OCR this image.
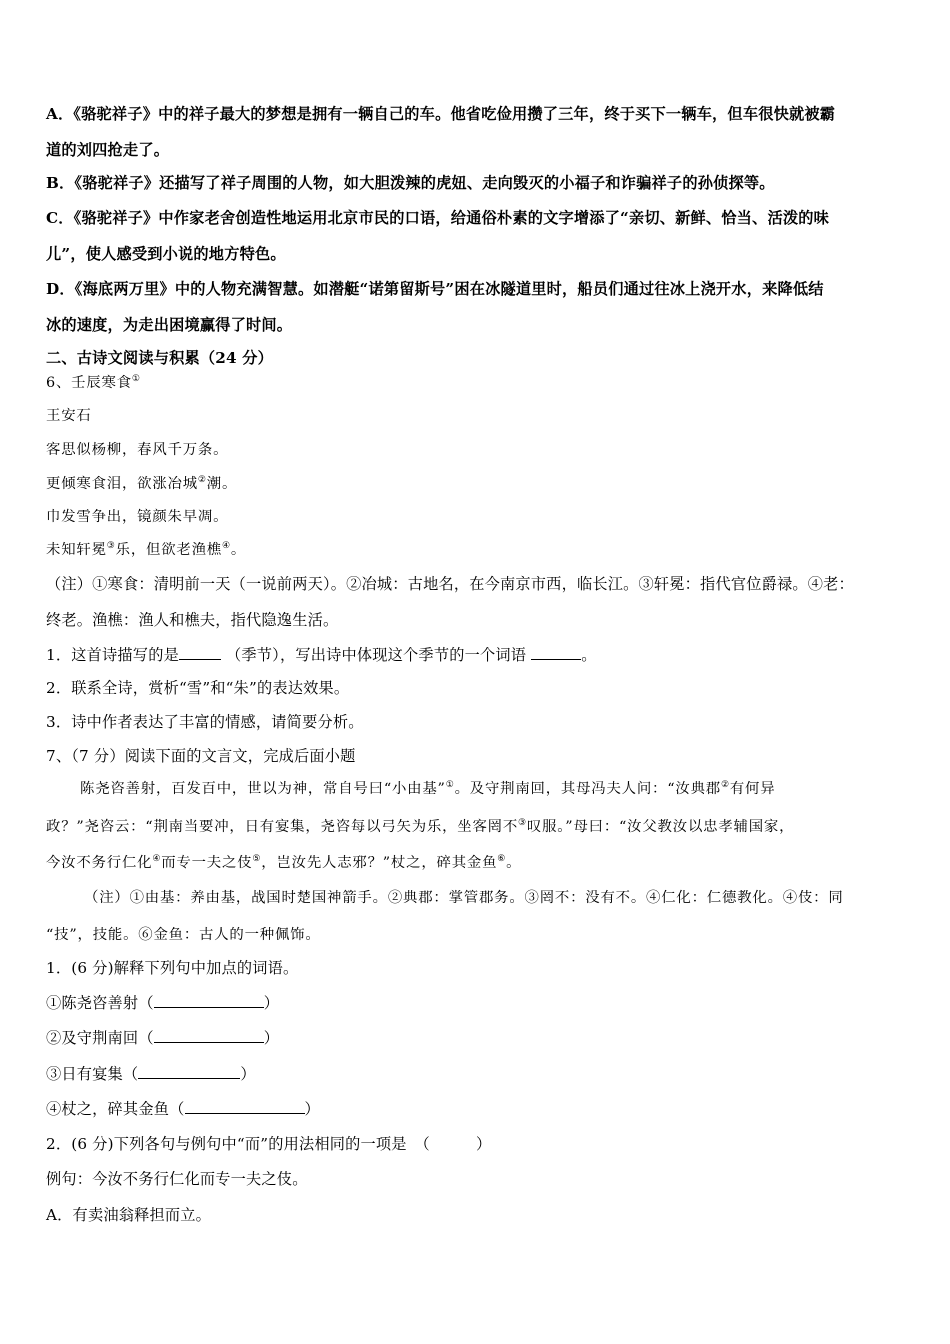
A．《骆驼祥子》中的祥子最大的梦想是拥有一辆自己的车。他省吃俭用攒了三年，终于买下一辆车，但车很快就被霸
道的刘四抢走了。
B．《骆驼祥子》还描写了祥子周围的人物，如大胆泼辣的虎妞、走向毁灭的小福子和诈骗祥子的孙侦探等。
C．《骆驼祥子》中作家老舍创造性地运用北京市民的口语，给通俗朴素的文字增添了“亲切、新鲜、恰当、活泼的味
儿”，使人感受到小说的地方特色。
D．《海底两万里》中的人物充满智慧。如潜艇“诺第留斯号”困在冰隧道里时，船员们通过往冰上浇开水，来降低结
冰的速度，为走出困境赢得了时间。
二、古诗文阅读与积累（24 分）
6、壬辰寒食①
王安石
客思似杨柳，春风千万条。
更倾寒食泪，欲涨冶城②潮。
巾发雪争出，镜颜朱早凋。
未知轩冕③乐，但欲老渔樵④。
（注）①寒食：清明前一天（一说前两天）。②冶城：古地名，在今南京市西，临长江。③轩冕：指代官位爵禄。④老：
终老。渔樵：渔人和樵夫，指代隐逸生活。
1．这首诗描写的是	（季节），写出诗中体现这个季节的一个词语	。
2．联系全诗，赏析“雪”和“朱”的表达效果。
3．诗中作者表达了丰富的情感，请简要分析。
7、（7 分）阅读下面的文言文，完成后面小题
陈尧咨善射，百发百中，世以为神，常自号曰“小由基”①。及守荆南回，其母冯夫人问：“汝典郡②有何异
政？”尧咨云：“荆南当要冲，日有宴集，尧咨每以弓矢为乐，坐客罔不③叹服。”母曰：“汝父教汝以忠孝辅国家，
今汝不务行仁化④而专一夫之伎⑤，岂汝先人志邪？”杖之，碎其金鱼⑥。
（注）①由基：养由基，战国时楚国神箭手。②典郡：掌管郡务。③罔不：没有不。④仁化：仁德教化。④伎：同
“技”，技能。⑥金鱼：古人的一种佩饰。
1．(6 分)解释下列句中加点的词语。
①陈尧咨善射（	）
②及守荆南回（	）
③日有宴集（	）
④杖之，碎其金鱼（	）
2．(6 分)下列各句与例句中“而”的用法相同的一项是　（　　　）
例句：今汝不务行仁化而专一夫之伎。
A．有卖油翁释担而立。
